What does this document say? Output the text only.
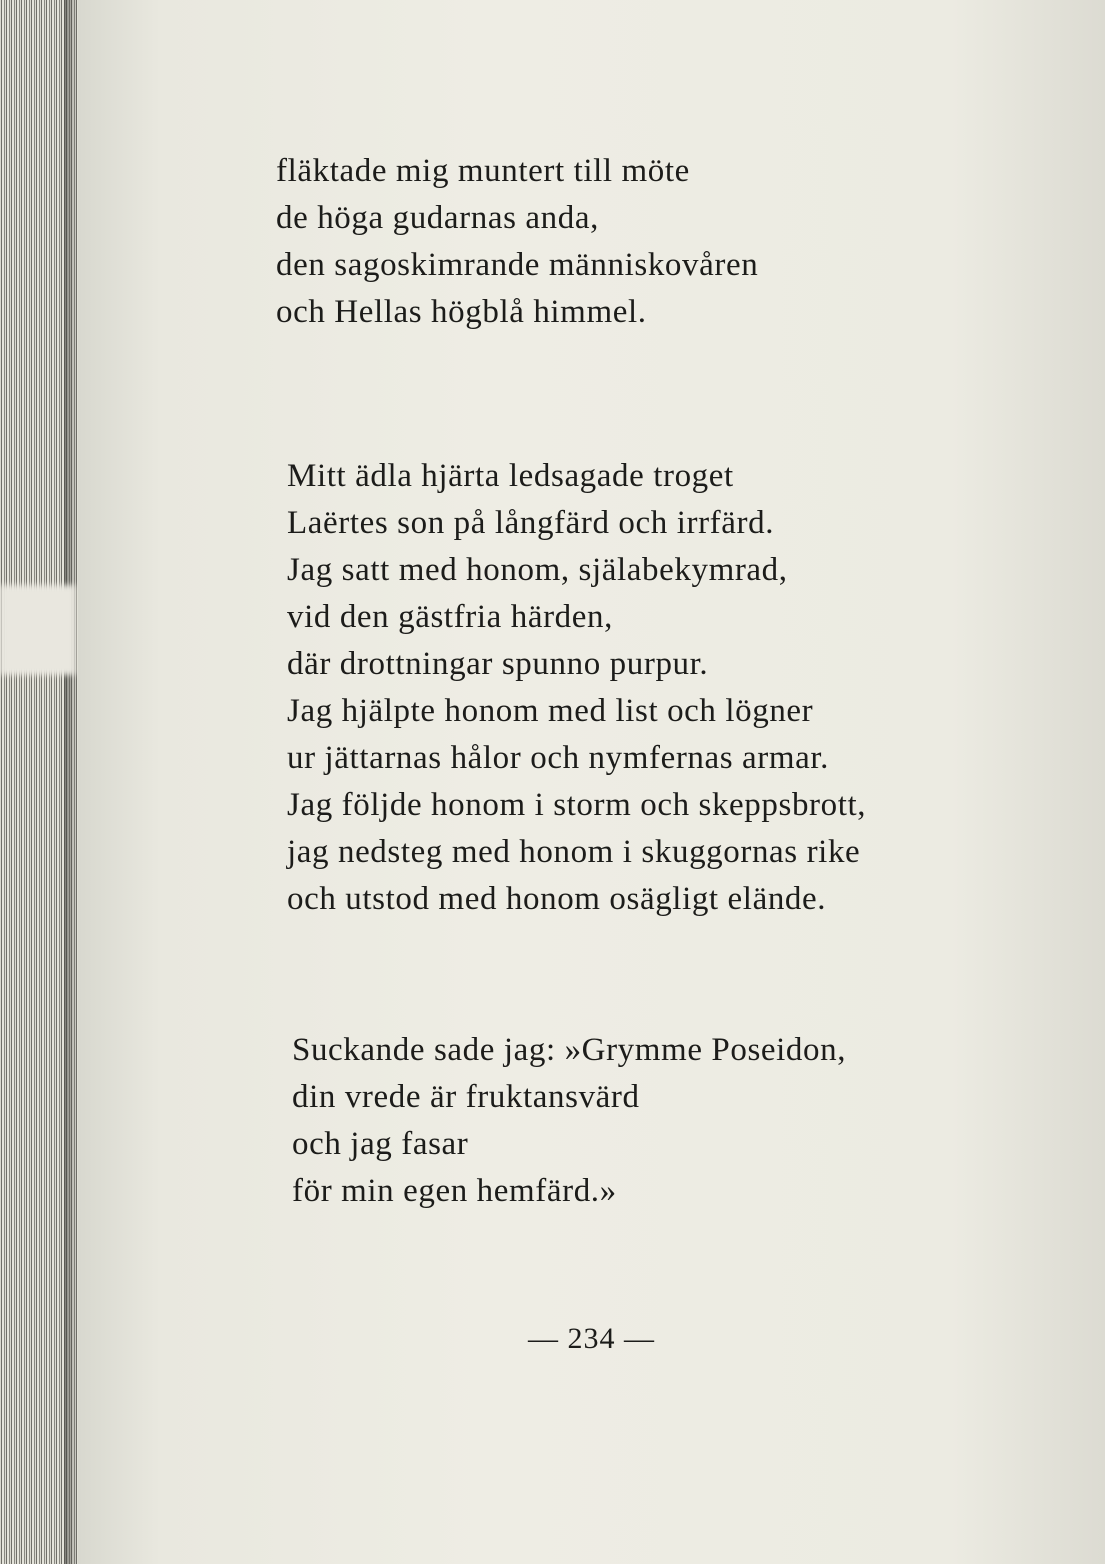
fläktade mig muntert till möte
de höga gudarnas anda,
den sagoskimrande människovåren
och Hellas högblå himmel.
Mitt ädla hjärta ledsagade troget
Laërtes son på långfärd och irrfärd.
Jag satt med honom, själabekymrad,
vid den gästfria härden,
där drottningar spunno purpur.
Jag hjälpte honom med list och lögner
ur jättarnas hålor och nymfernas armar.
Jag följde honom i storm och skeppsbrott,
jag nedsteg med honom i skuggornas rike
och utstod med honom osägligt elände.
Suckande sade jag: »Grymme Poseidon,
din vrede är fruktansvärd
och jag fasar
för min egen hemfärd.»
— 234 —
